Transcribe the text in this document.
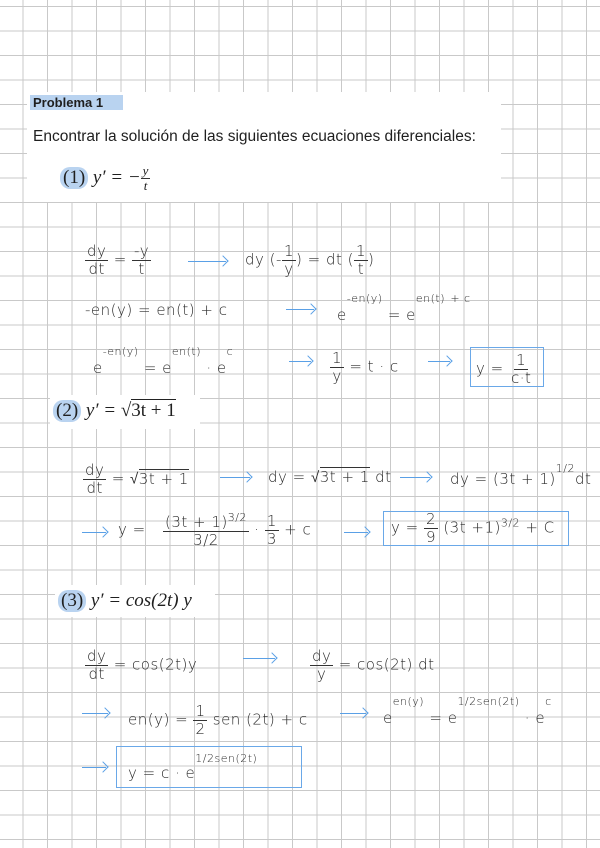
Problema 1
Encontrar la solución de las siguientes ecuaciones diferenciales:
(1) y′ = − $\frac{y}{t}$
$\frac{dy}{dt} = \frac{-y}{t}$	dy (- $\frac{1}{y}$ ) = dt ( $\frac{1}{t}$ )
-en(y) = en(t) + c	$e^{-en(y)} = e^{en(t)}$ $^{+ c}$
$e^{-en(y)} = e^{en(t)} \cdot e^c$	$\frac{1}{y} = t \cdot c$	$y = \frac{1}{c\cdot t}$
(2) y′ = √3t + 1
$\frac{dy}{dt} = √3t + 1$	dy = √3t + 1 dt	dy = $(3t + 1)^{1/2}dt$
$y = \frac{(3t + 1)^{3/2}}{3/2} \cdot \frac{1}{3} + c$	$y = \frac{2}{9} (3t +1)^{3/2} + C$
(3) y′ = cos(2t) y
$\frac{dy}{dt} = \cos(2t)y$	$\frac{dy}{y} = \cos(2t)$ dt
$en(y) = \frac{1}{2}$ sen (2t) + c	$e^{en(y)} = e^{1/2sen(2t)} \cdot e^c$
$y = c \cdot e^{1/2sen(2t)}$
